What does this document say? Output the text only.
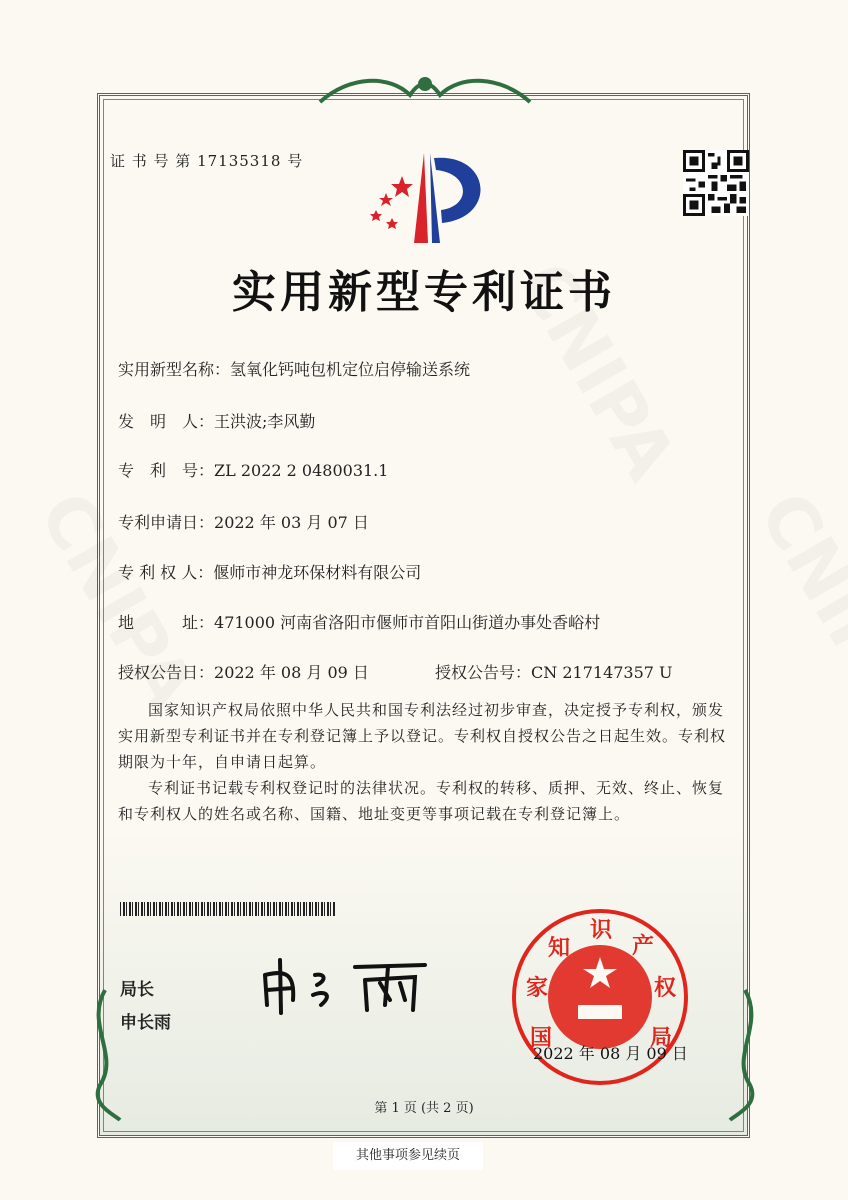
证 书 号 第 17135318 号
实用新型专利证书
实用新型名称：氢氧化钙吨包机定位启停输送系统
发　明　人：王洪波;李风勤
专　利　号：ZL 2022 2 0480031.1
专利申请日：2022 年 03 月 07 日
专 利 权 人：偃师市神龙环保材料有限公司
地　　　址：471000 河南省洛阳市偃师市首阳山街道办事处香峪村
授权公告日：2022 年 08 月 09 日	授权公告号：CN 217147357 U
国家知识产权局依照中华人民共和国专利法经过初步审查，决定授予专利权，颁发实用新型专利证书并在专利登记簿上予以登记。专利权自授权公告之日起生效。专利权期限为十年，自申请日起算。
专利证书记载专利权登记时的法律状况。专利权的转移、质押、无效、终止、恢复和专利权人的姓名或名称、国籍、地址变更等事项记载在专利登记簿上。
局长
申长雨
国
家
知
识
产
权
局
2022 年 08 月 09 日
第 1 页 (共 2 页)
其他事项参见续页
